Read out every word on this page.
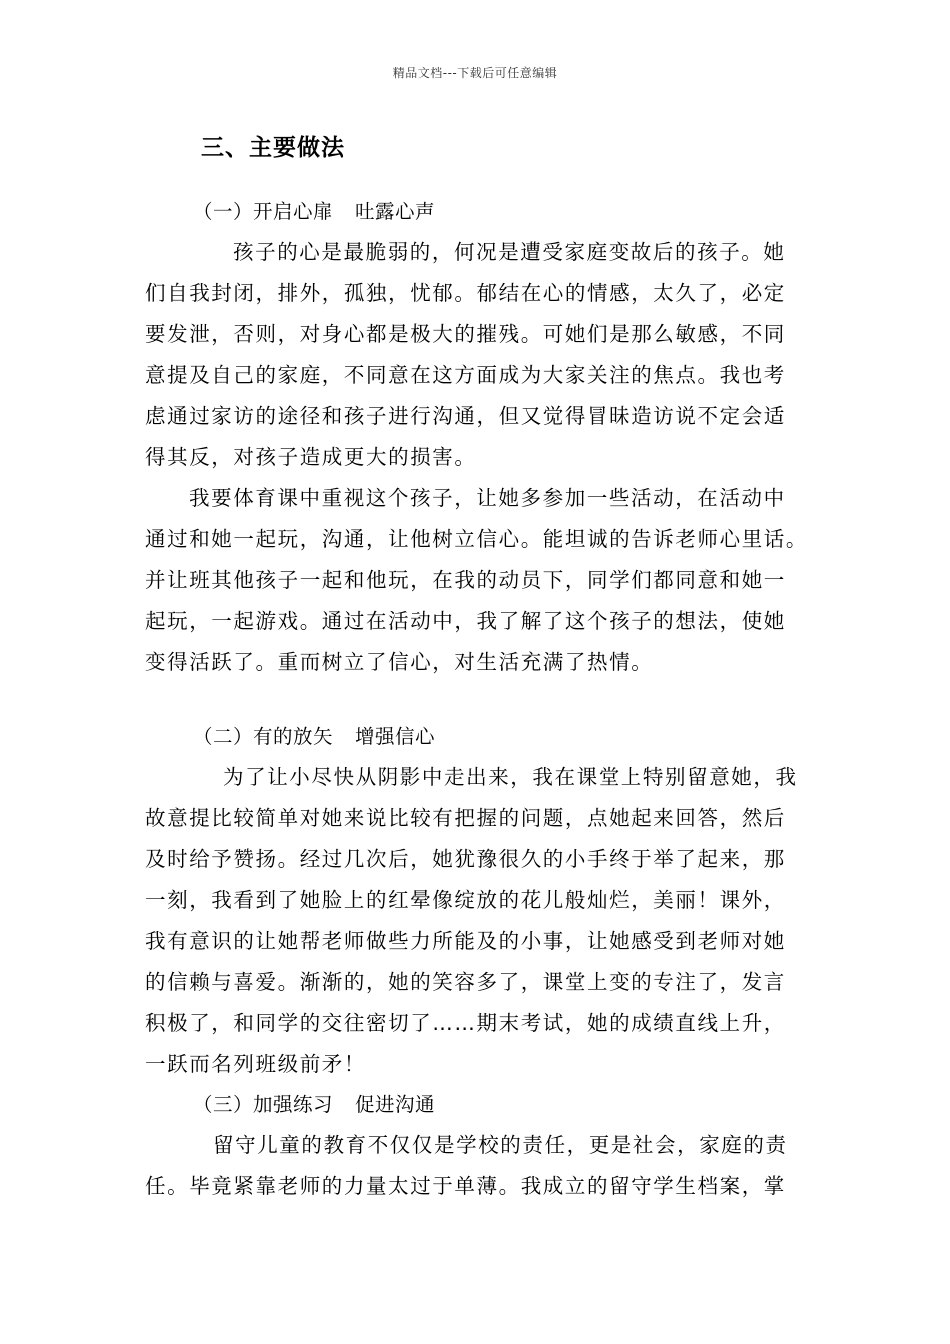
精品文档---下载后可任意编辑
三、主要做法
（一）开启心扉 吐露心声
孩子的心是最脆弱的，何况是遭受家庭变故后的孩子。她
们自我封闭，排外，孤独，忧郁。郁结在心的情感，太久了，必定
要发泄，否则，对身心都是极大的摧残。可她们是那么敏感，不同
意提及自己的家庭，不同意在这方面成为大家关注的焦点。我也考
虑通过家访的途径和孩子进行沟通，但又觉得冒昧造访说不定会适
得其反，对孩子造成更大的损害。
我要体育课中重视这个孩子，让她多参加一些活动，在活动中
通过和她一起玩，沟通，让他树立信心。能坦诚的告诉老师心里话。
并让班其他孩子一起和他玩，在我的动员下，同学们都同意和她一
起玩，一起游戏。通过在活动中，我了解了这个孩子的想法，使她
变得活跃了。重而树立了信心，对生活充满了热情。
（二）有的放矢 增强信心
为了让小尽快从阴影中走出来，我在课堂上特别留意她，我
故意提比较简单对她来说比较有把握的问题，点她起来回答，然后
及时给予赞扬。经过几次后，她犹豫很久的小手终于举了起来，那
一刻，我看到了她脸上的红晕像绽放的花儿般灿烂，美丽！课外，
我有意识的让她帮老师做些力所能及的小事，让她感受到老师对她
的信赖与喜爱。渐渐的，她的笑容多了，课堂上变的专注了，发言
积极了，和同学的交往密切了……期末考试，她的成绩直线上升，
一跃而名列班级前矛！
（三）加强练习 促进沟通
留守儿童的教育不仅仅是学校的责任，更是社会，家庭的责
任。毕竟紧靠老师的力量太过于单薄。我成立的留守学生档案，掌
